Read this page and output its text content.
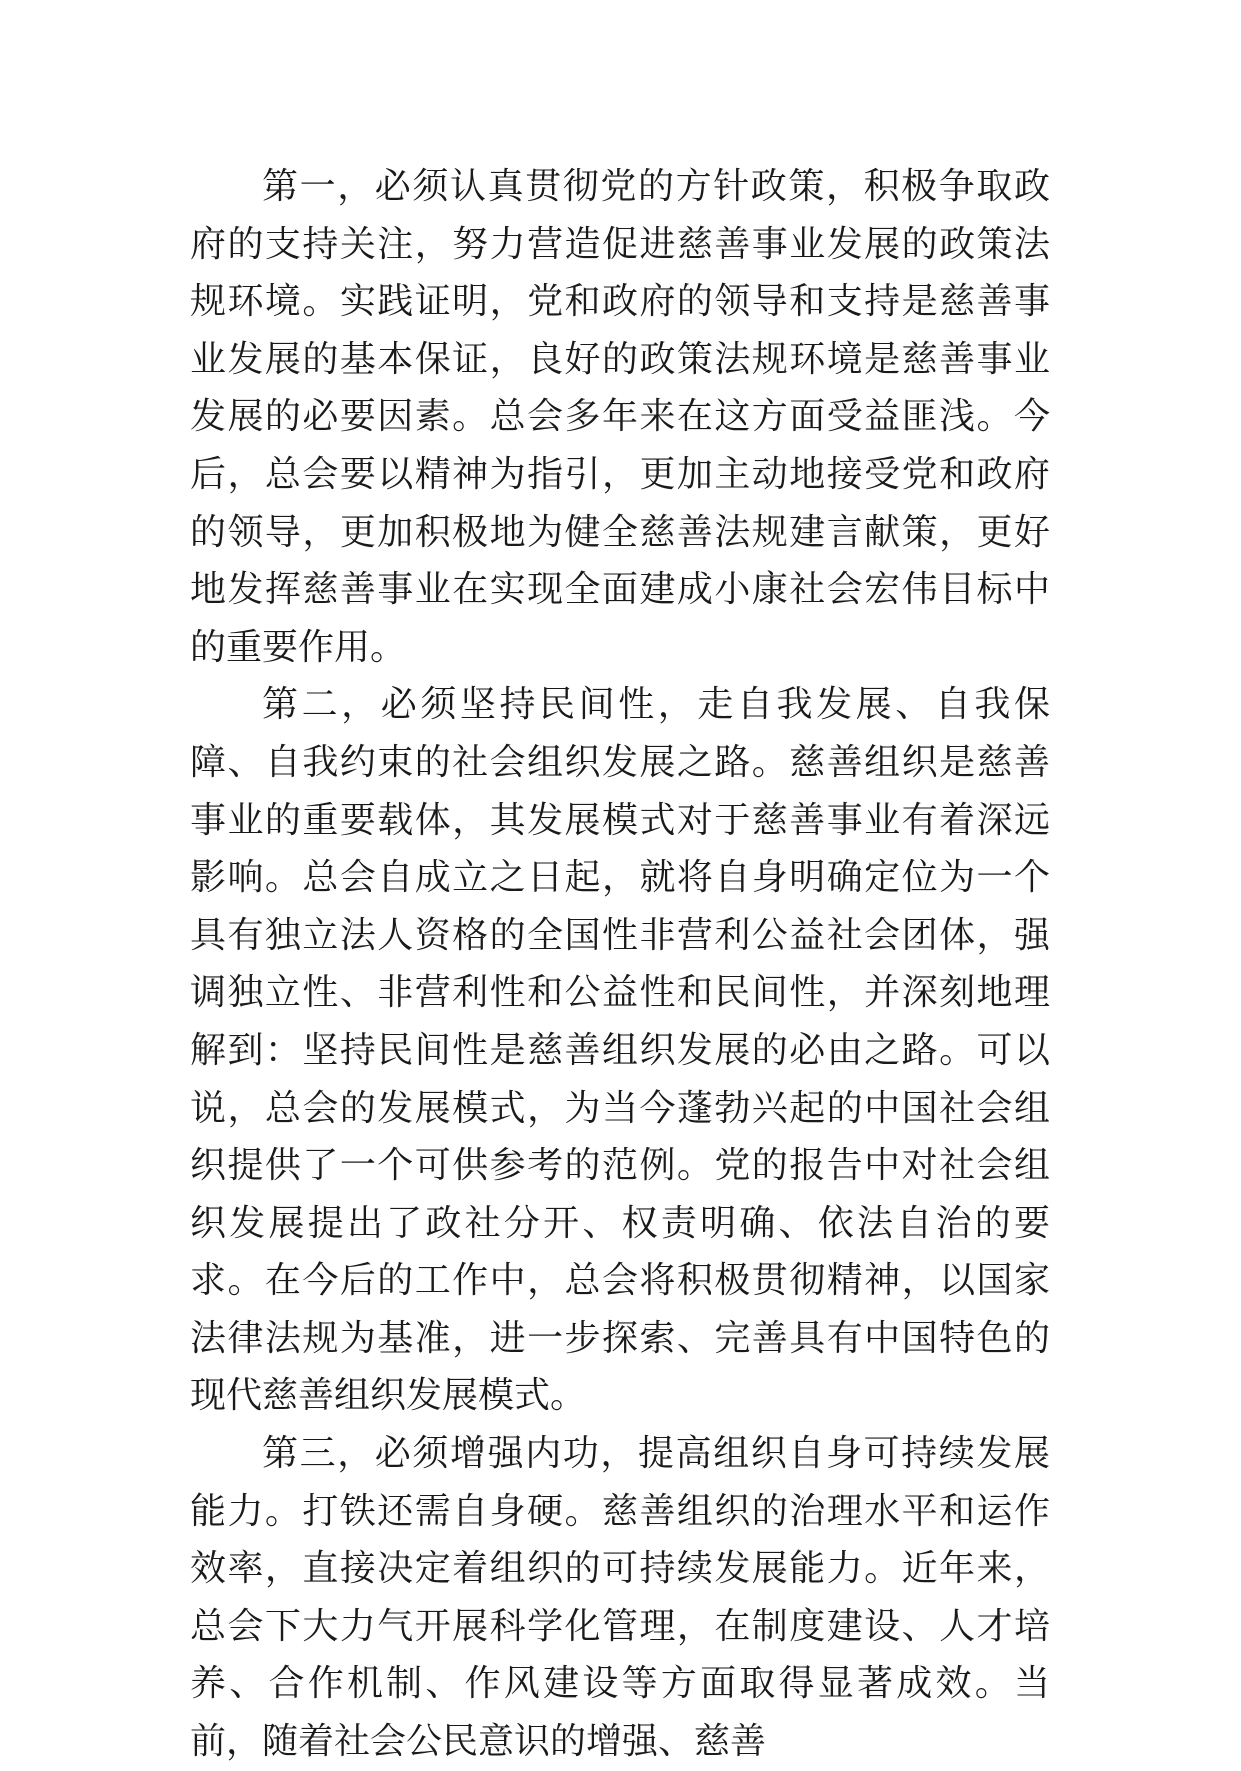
第一，必须认真贯彻党的方针政策，积极争取政府的支持关注，努力营造促进慈善事业发展的政策法规环境。实践证明，党和政府的领导和支持是慈善事业发展的基本保证，良好的政策法规环境是慈善事业发展的必要因素。总会多年来在这方面受益匪浅。今后，总会要以精神为指引，更加主动地接受党和政府的领导，更加积极地为健全慈善法规建言献策，更好地发挥慈善事业在实现全面建成小康社会宏伟目标中的重要作用。

第二，必须坚持民间性，走自我发展、自我保障、自我约束的社会组织发展之路。慈善组织是慈善事业的重要载体，其发展模式对于慈善事业有着深远影响。总会自成立之日起，就将自身明确定位为一个具有独立法人资格的全国性非营利公益社会团体，强调独立性、非营利性和公益性和民间性，并深刻地理解到：坚持民间性是慈善组织发展的必由之路。可以说，总会的发展模式，为当今蓬勃兴起的中国社会组织提供了一个可供参考的范例。党的报告中对社会组织发展提出了政社分开、权责明确、依法自治的要求。在今后的工作中，总会将积极贯彻精神，以国家法律法规为基准，进一步探索、完善具有中国特色的现代慈善组织发展模式。

第三，必须增强内功，提高组织自身可持续发展能力。打铁还需自身硬。慈善组织的治理水平和运作效率，直接决定着组织的可持续发展能力。近年来，总会下大力气开展科学化管理，在制度建设、人才培养、合作机制、作风建设等方面取得显著成效。当前，随着社会公民意识的增强、慈善
